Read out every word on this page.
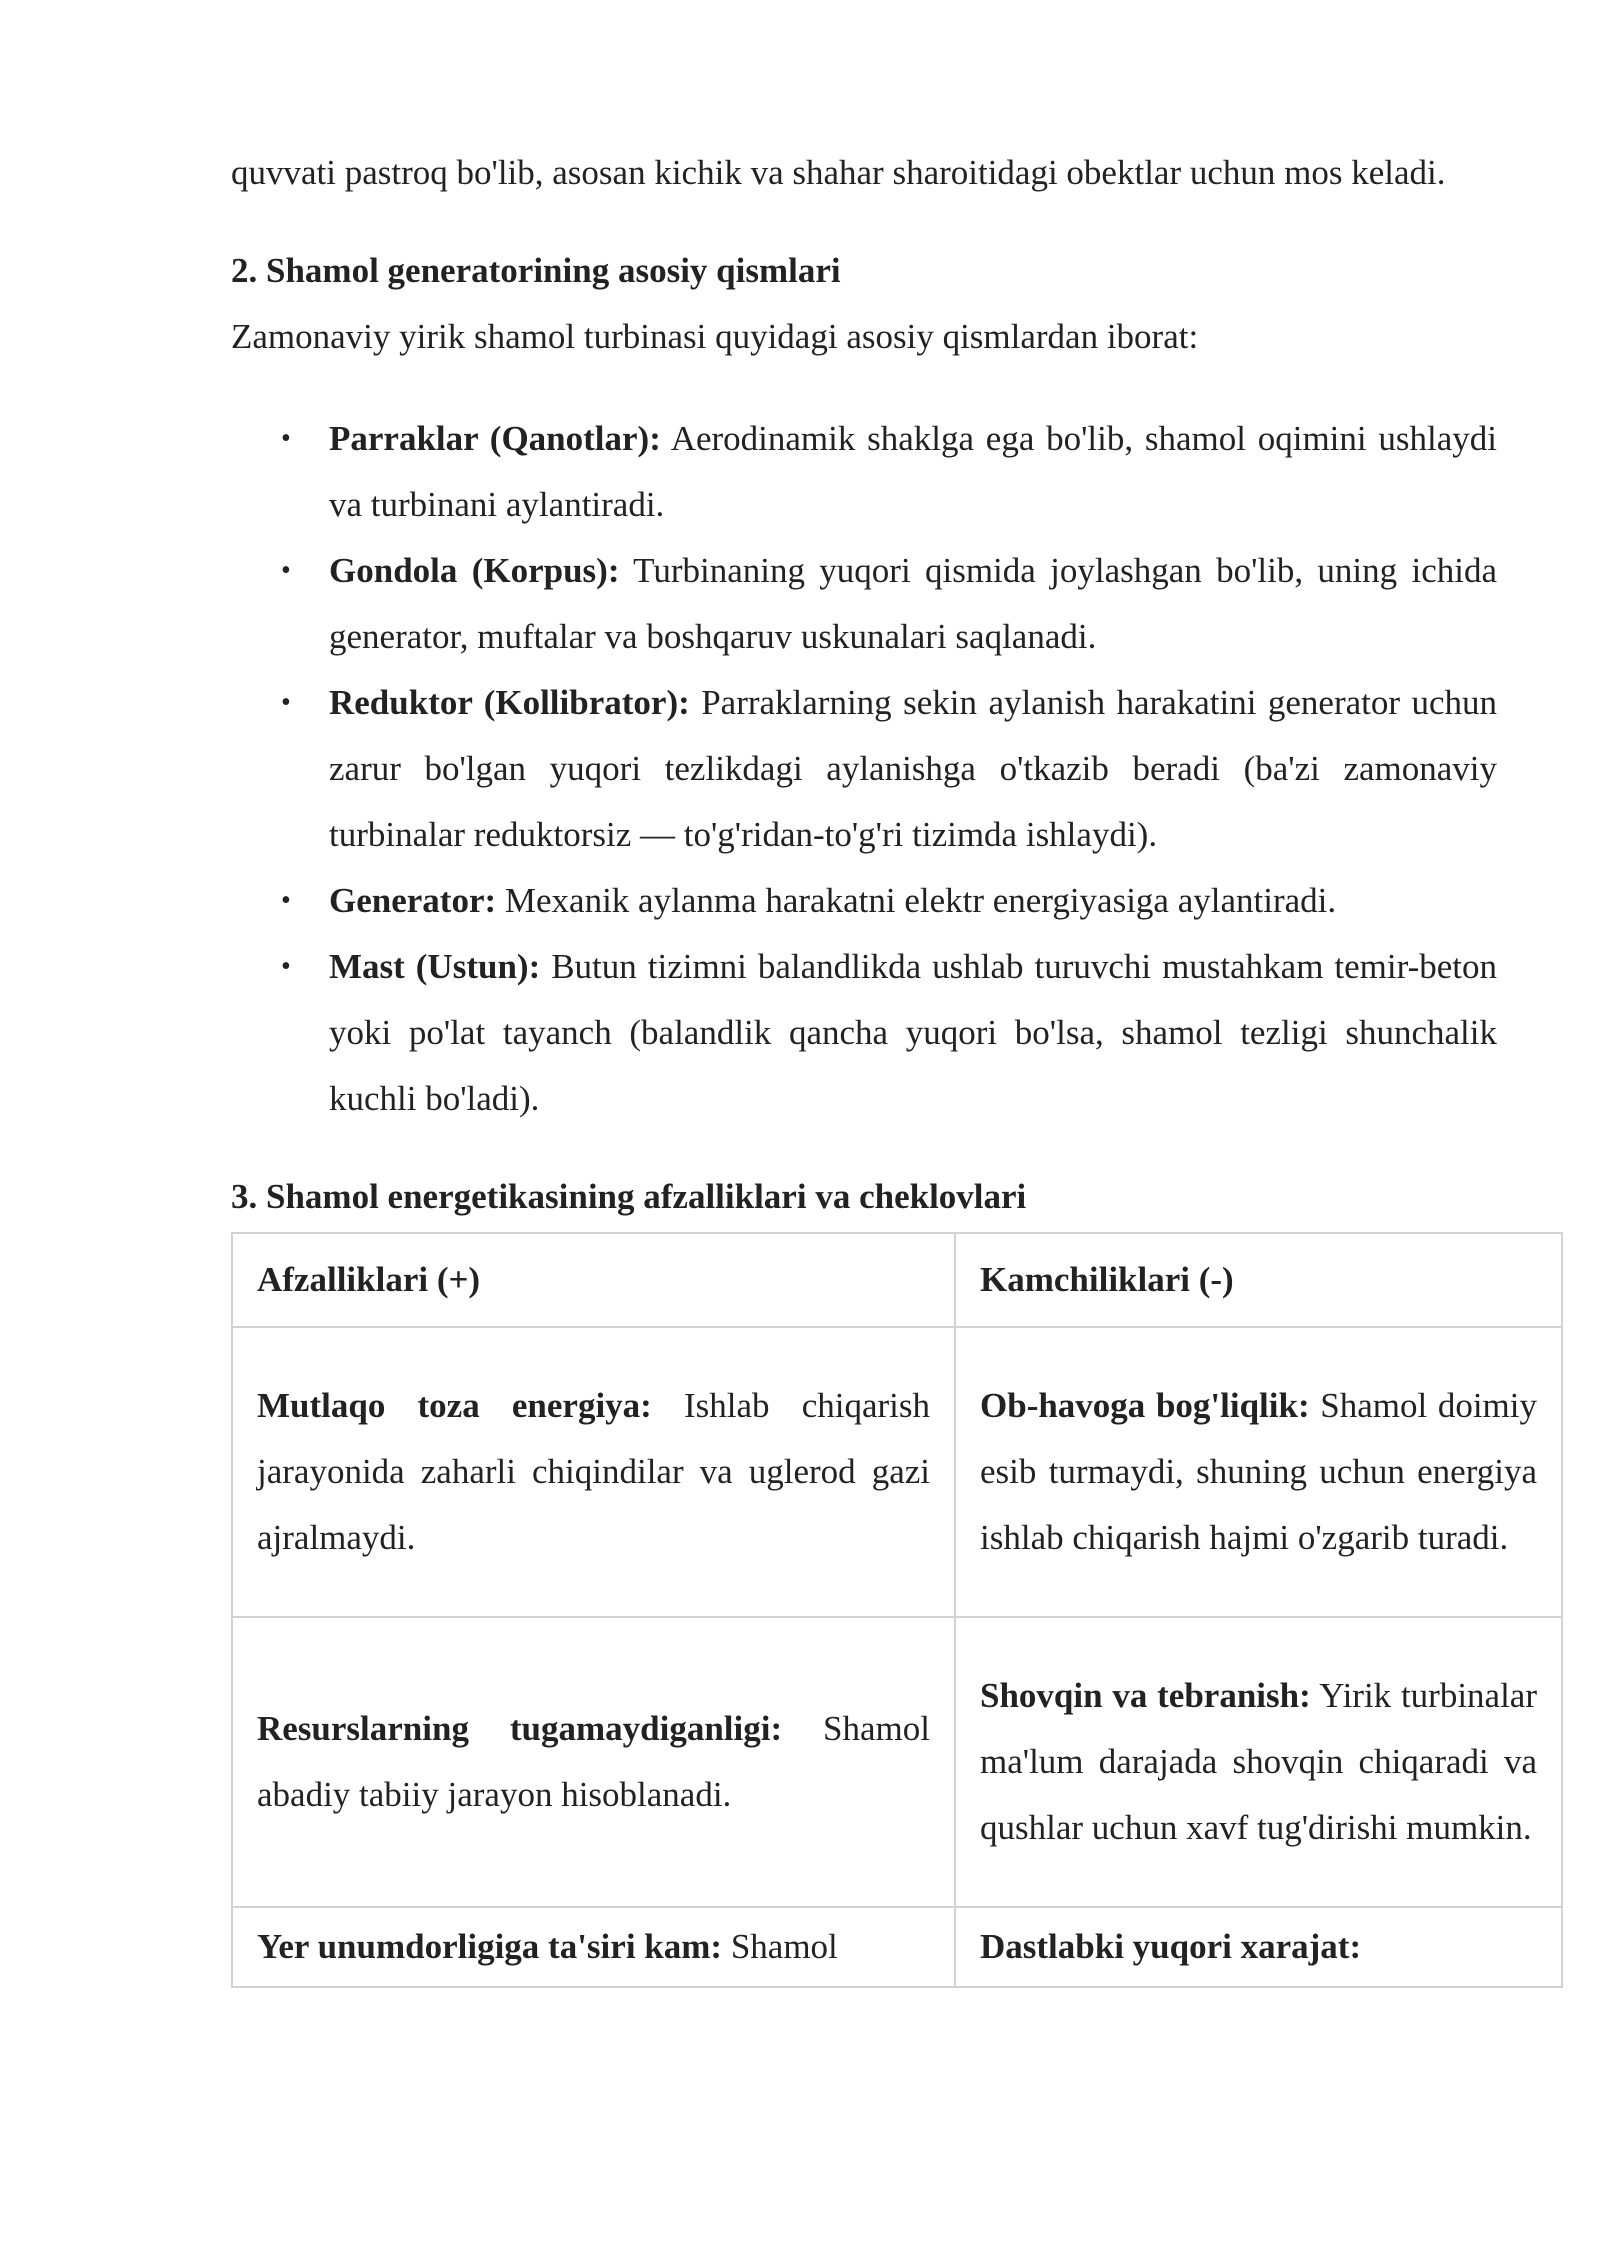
quvvati pastroq bo'lib, asosan kichik va shahar sharoitidagi obektlar uchun mos keladi.

2. Shamol generatorining asosiy qismlari

Zamonaviy yirik shamol turbinasi quyidagi asosiy qismlardan iborat:

• Parraklar (Qanotlar): Aerodinamik shaklga ega bo'lib, shamol oqimini ushlaydi va turbinani aylantiradi.
• Gondola (Korpus): Turbinaning yuqori qismida joylashgan bo'lib, uning ichida generator, muftalar va boshqaruv uskunalari saqlanadi.
• Reduktor (Kollibrator): Parraklarning sekin aylanish harakatini generator uchun zarur bo'lgan yuqori tezlikdagi aylanishga o'tkazib beradi (ba'zi zamonaviy turbinalar reduktorsiz — to'g'ridan-to'g'ri tizimda ishlaydi).
• Generator: Mexanik aylanma harakatni elektr energiyasiga aylantiradi.
• Mast (Ustun): Butun tizimni balandlikda ushlab turuvchi mustahkam temir-beton yoki po'lat tayanch (balandlik qancha yuqori bo'lsa, shamol tezligi shunchalik kuchli bo'ladi).
3. Shamol energetikasining afzalliklari va cheklovlari
Afzalliklari (+)	Kamchiliklari (-)
Mutlaqo toza energiya: Ishlab chiqarish jarayonida zaharli chiqindilar va uglerod gazi ajralmaydi.	Ob-havoga bog'liqlik: Shamol doimiy esib turmaydi, shuning uchun energiya ishlab chiqarish hajmi o'zgarib turadi.
Resurslarning tugamaydiganligi: Shamol abadiy tabiiy jarayon hisoblanadi.	Shovqin va tebranish: Yirik turbinalar ma'lum darajada shovqin chiqaradi va qushlar uchun xavf tug'dirishi mumkin.
Yer unumdorligiga ta'siri kam: Shamol	Dastlabki yuqori xarajat:
